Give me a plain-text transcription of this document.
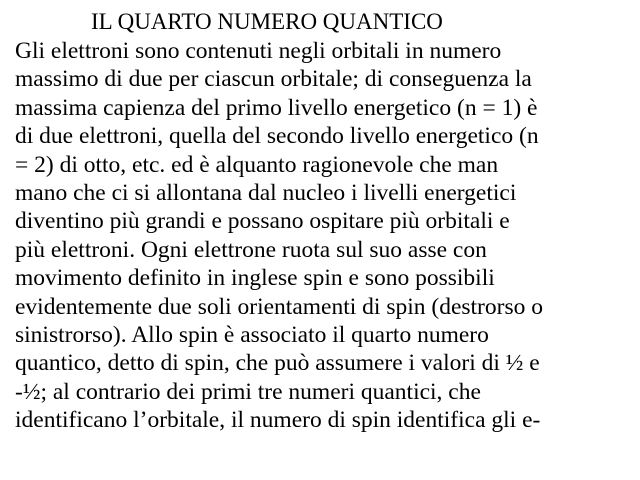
IL QUARTO NUMERO QUANTICO
Gli elettroni sono contenuti negli orbitali in numero
massimo di due per ciascun orbitale; di conseguenza la
massima capienza del primo livello energetico (n = 1) è
di due elettroni, quella del secondo livello energetico (n
= 2) di otto, etc. ed è alquanto ragionevole che man
mano che ci si allontana dal nucleo i livelli energetici
diventino più grandi e possano ospitare più orbitali e
più elettroni. Ogni elettrone ruota sul suo asse con
movimento definito in inglese spin e sono possibili
evidentemente due soli orientamenti di spin (destrorso o
sinistrorso). Allo spin è associato il quarto numero
quantico, detto di spin, che può assumere i valori di ½ e
-½; al contrario dei primi tre numeri quantici, che
identificano l’orbitale, il numero di spin identifica gli e-
